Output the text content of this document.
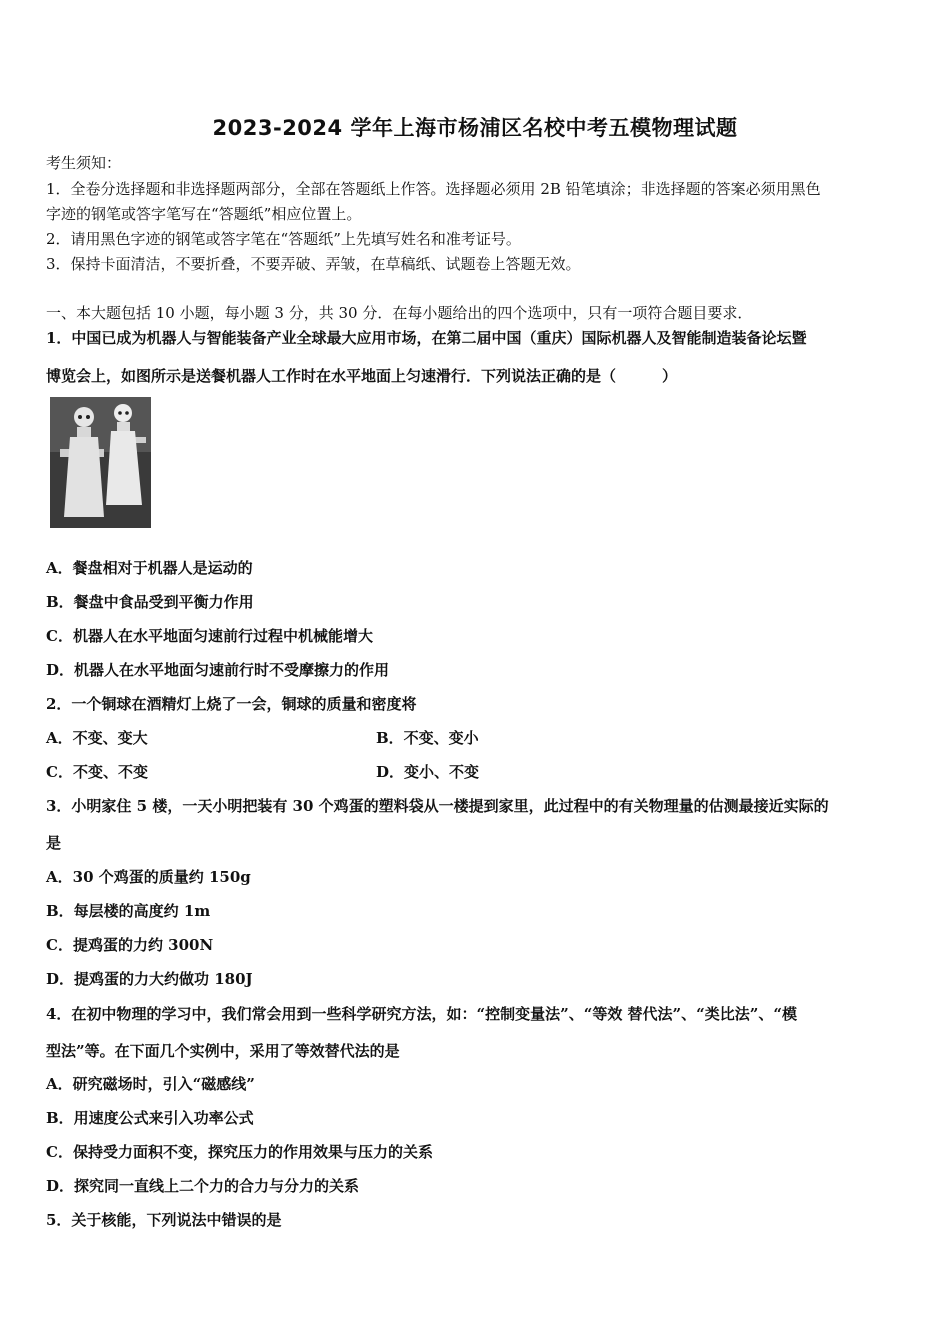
2023-2024 学年上海市杨浦区名校中考五模物理试题
考生须知：
1．全卷分选择题和非选择题两部分，全部在答题纸上作答。选择题必须用 2B 铅笔填涂；非选择题的答案必须用黑色
字迹的钢笔或答字笔写在“答题纸”相应位置上。
2．请用黑色字迹的钢笔或答字笔在“答题纸”上先填写姓名和准考证号。
3．保持卡面清洁，不要折叠，不要弄破、弄皱，在草稿纸、试题卷上答题无效。
一、本大题包括 10 小题，每小题 3 分，共 30 分．在每小题给出的四个选项中，只有一项符合题目要求．
1．中国已成为机器人与智能装备产业全球最大应用市场，在第二届中国（重庆）国际机器人及智能制造装备论坛暨
博览会上，如图所示是送餐机器人工作时在水平地面上匀速滑行．下列说法正确的是（	）
A．餐盘相对于机器人是运动的
B．餐盘中食品受到平衡力作用
C．机器人在水平地面匀速前行过程中机械能增大
D．机器人在水平地面匀速前行时不受摩擦力的作用
2．一个铜球在酒精灯上烧了一会，铜球的质量和密度将
A．不变、变大	B．不变、变小
C．不变、不变	D．变小、不变
3．小明家住 5 楼，一天小明把装有 30 个鸡蛋的塑料袋从一楼提到家里，此过程中的有关物理量的估测最接近实际的
是
A．30 个鸡蛋的质量约 150g
B．每层楼的高度约 1m
C．提鸡蛋的力约 300N
D．提鸡蛋的力大约做功 180J
4．在初中物理的学习中，我们常会用到一些科学研究方法，如：“控制变量法”、“等效 替代法”、“类比法”、“模
型法”等。在下面几个实例中，采用了等效替代法的是
A．研究磁场时，引入“磁感线”
B．用速度公式来引入功率公式
C．保持受力面积不变，探究压力的作用效果与压力的关系
D．探究同一直线上二个力的合力与分力的关系
5．关于核能，下列说法中错误的是
